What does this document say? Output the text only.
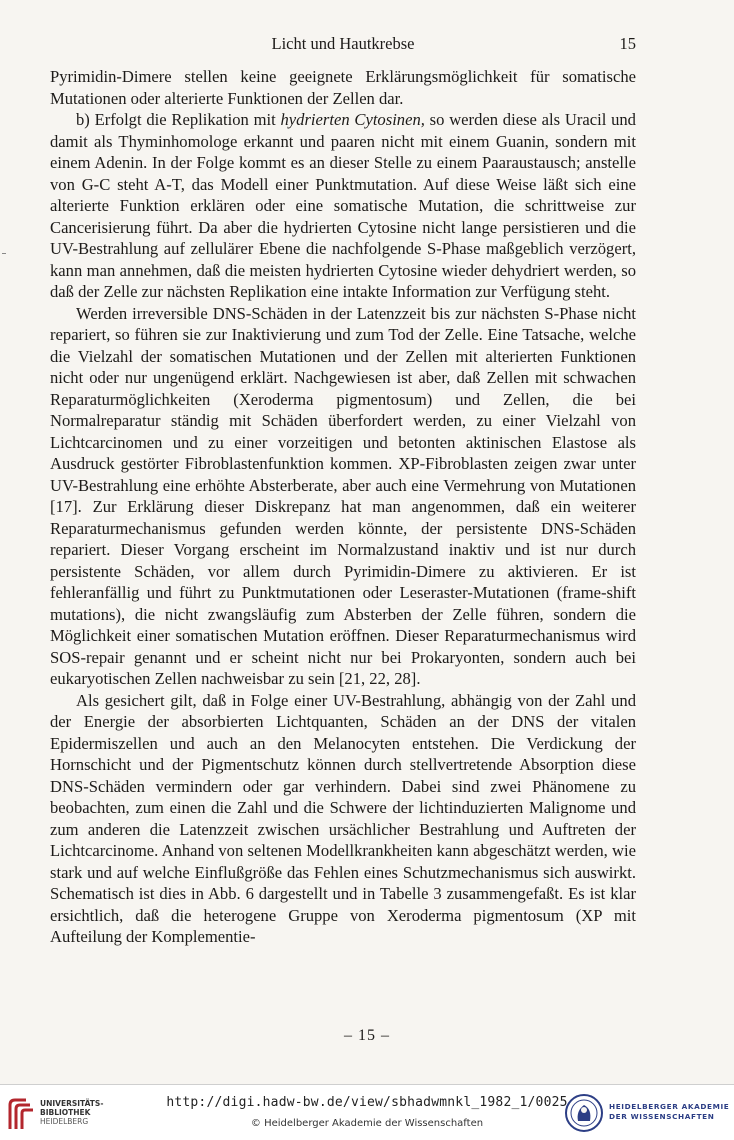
Licht und Hautkrebse	15

Pyrimidin-Dimere stellen keine geeignete Erklärungsmöglichkeit für somatische Mutationen oder alterierte Funktionen der Zellen dar.

b) Erfolgt die Replikation mit hydrierten Cytosinen, so werden diese als Uracil und damit als Thyminhomologe erkannt und paaren nicht mit einem Guanin, sondern mit einem Adenin. In der Folge kommt es an dieser Stelle zu einem Paaraustausch; anstelle von G-C steht A-T, das Modell einer Punktmutation. Auf diese Weise läßt sich eine alterierte Funktion erklären oder eine somatische Mutation, die schrittweise zur Cancerisierung führt. Da aber die hydrierten Cytosine nicht lange persistieren und die UV-Bestrahlung auf zellulärer Ebene die nachfolgende S-Phase maßgeblich verzögert, kann man annehmen, daß die meisten hydrierten Cytosine wieder dehydriert werden, so daß der Zelle zur nächsten Replikation eine intakte Information zur Verfügung steht.

Werden irreversible DNS-Schäden in der Latenzzeit bis zur nächsten S-Phase nicht repariert, so führen sie zur Inaktivierung und zum Tod der Zelle. Eine Tatsache, welche die Vielzahl der somatischen Mutationen und der Zellen mit alterierten Funktionen nicht oder nur ungenügend erklärt. Nachgewiesen ist aber, daß Zellen mit schwachen Reparaturmöglichkeiten (Xeroderma pigmentosum) und Zellen, die bei Normalreparatur ständig mit Schäden überfordert werden, zu einer Vielzahl von Lichtcarcinomen und zu einer vorzeitigen und betonten aktinischen Elastose als Ausdruck gestörter Fibroblastenfunktion kommen. XP-Fibroblasten zeigen zwar unter UV-Bestrahlung eine erhöhte Absterberate, aber auch eine Vermehrung von Mutationen [17]. Zur Erklärung dieser Diskrepanz hat man angenommen, daß ein weiterer Reparaturmechanismus gefunden werden könnte, der persistente DNS-Schäden repariert. Dieser Vorgang erscheint im Normalzustand inaktiv und ist nur durch persistente Schäden, vor allem durch Pyrimidin-Dimere zu aktivieren. Er ist fehleranfällig und führt zu Punktmutationen oder Leseraster-Mutationen (frame-shift mutations), die nicht zwangsläufig zum Absterben der Zelle führen, sondern die Möglichkeit einer somatischen Mutation eröffnen. Dieser Reparaturmechanismus wird SOS-repair genannt und er scheint nicht nur bei Prokaryonten, sondern auch bei eukaryotischen Zellen nachweisbar zu sein [21, 22, 28].

Als gesichert gilt, daß in Folge einer UV-Bestrahlung, abhängig von der Zahl und der Energie der absorbierten Lichtquanten, Schäden an der DNS der vitalen Epidermiszellen und auch an den Melanocyten entstehen. Die Verdickung der Hornschicht und der Pigmentschutz können durch stellvertretende Absorption diese DNS-Schäden vermindern oder gar verhindern. Dabei sind zwei Phänomene zu beobachten, zum einen die Zahl und die Schwere der lichtinduzierten Malignome und zum anderen die Latenzzeit zwischen ursächlicher Bestrahlung und Auftreten der Lichtcarcinome. Anhand von seltenen Modellkrankheiten kann abgeschätzt werden, wie stark und auf welche Einflußgröße das Fehlen eines Schutzmechanismus sich auswirkt. Schematisch ist dies in Abb. 6 dargestellt und in Tabelle 3 zusammengefaßt. Es ist klar ersichtlich, daß die heterogene Gruppe von Xeroderma pigmentosum (XP mit Aufteilung der Komplementie-

– 15 –
UNIVERSITÄTS-
BIBLIOTHEK
HEIDELBERG
http://digi.hadw-bw.de/view/sbhadwmnkl_1982_1/0025
© Heidelberger Akademie der Wissenschaften
HEIDELBERGER AKADEMIE
DER WISSENSCHAFTEN
